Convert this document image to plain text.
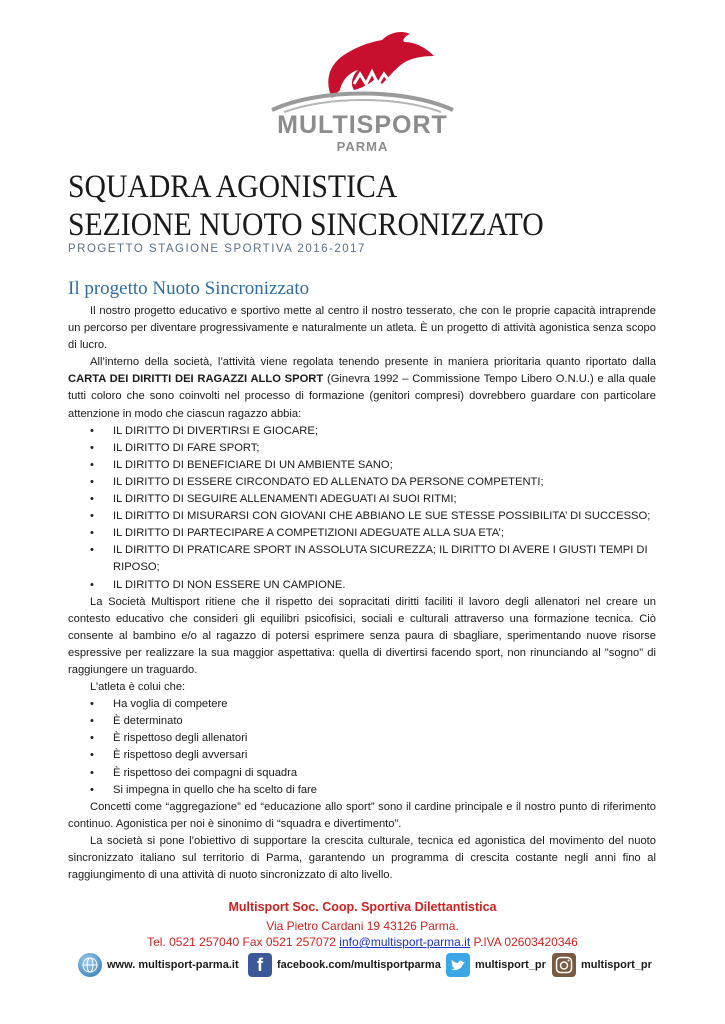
MULTISPORT
PARMA
SQUADRA AGONISTICA
SEZIONE NUOTO SINCRONIZZATO
PROGETTO STAGIONE SPORTIVA 2016-2017
Il progetto Nuoto Sincronizzato

Il nostro progetto educativo e sportivo mette al centro il nostro tesserato, che con le proprie capacità intraprende un percorso per diventare progressivamente e naturalmente un atleta. È un progetto di attività agonistica senza scopo di lucro.

All’interno della società, l’attività viene regolata tenendo presente in maniera prioritaria quanto riportato dalla CARTA DEI DIRITTI DEI RAGAZZI ALLO SPORT (Ginevra 1992 – Commissione Tempo Libero O.N.U.) e alla quale tutti coloro che sono coinvolti nel processo di formazione (genitori compresi) dovrebbero guardare con particolare attenzione in modo che ciascun ragazzo abbia:

• IL DIRITTO DI DIVERTIRSI E GIOCARE;
• IL DIRITTO DI FARE SPORT;
• IL DIRITTO DI BENEFICIARE DI UN AMBIENTE SANO;
• IL DIRITTO DI ESSERE CIRCONDATO ED ALLENATO DA PERSONE COMPETENTI;
• IL DIRITTO DI SEGUIRE ALLENAMENTI ADEGUATI AI SUOI RITMI;
• IL DIRITTO DI MISURARSI CON GIOVANI CHE ABBIANO LE SUE STESSE POSSIBILITA’ DI SUCCESSO;
• IL DIRITTO DI PARTECIPARE A COMPETIZIONI ADEGUATE ALLA SUA ETA’;
• IL DIRITTO DI PRATICARE SPORT IN ASSOLUTA SICUREZZA; IL DIRITTO DI AVERE I GIUSTI TEMPI DI RIPOSO;
• IL DIRITTO DI NON ESSERE UN CAMPIONE.

La Società Multisport ritiene che il rispetto dei sopracitati diritti faciliti il lavoro degli allenatori nel creare un contesto educativo che consideri gli equilibri psicofisici, sociali e culturali attraverso una formazione tecnica. Ciò consente al bambino e/o al ragazzo di potersi esprimere senza paura di sbagliare, sperimentando nuove risorse espressive per realizzare la sua maggior aspettativa: quella di divertirsi facendo sport, non rinunciando al "sogno" di raggiungere un traguardo.

L’atleta è colui che:

• Ha voglia di competere
• È determinato
• È rispettoso degli allenatori
• È rispettoso degli avversari
• È rispettoso dei compagni di squadra
• Si impegna in quello che ha scelto di fare

Concetti come “aggregazione” ed “educazione allo sport” sono il cardine principale e il nostro punto di riferimento continuo. Agonistica per noi è sinonimo di “squadra e divertimento”.

La società si pone l’obiettivo di supportare la crescita culturale, tecnica ed agonistica del movimento del nuoto sincronizzato italiano sul territorio di Parma, garantendo un programma di crescita costante negli anni fino al raggiungimento di una attività di nuoto sincronizzato di alto livello.

Multisport Soc. Coop. Sportiva Dilettantistica
Via Pietro Cardani 19 43126 Parma.
Tel. 0521 257040 Fax 0521 257072 info@multisport-parma.it P.IVA 02603420346
www. multisport-parma.it	f	facebook.com/multisportparma	multisport_pr	multisport_pr
